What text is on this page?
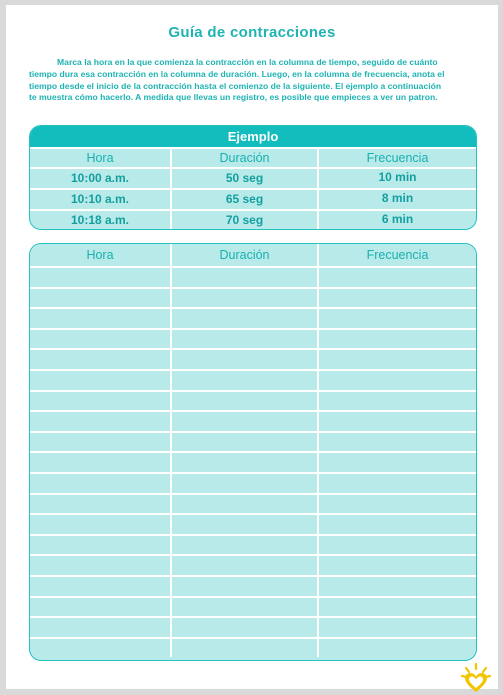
Guía de contracciones
Marca la hora en la que comienza la contracción en la columna de tiempo, seguido de cuánto tiempo dura esa contracción en la columna de duración. Luego, en la columna de frecuencia, anota el tiempo desde el inicio de la contracción hasta el comienzo de la siguiente. El ejemplo a continuación te muestra cómo hacerlo. A medida que llevas un registro, es posible que empieces a ver un patron.
Ejemplo
Hora	Duración	Frecuencia
10:00 a.m.	50 seg	10 min
10:10 a.m.	65 seg	8 min
10:18 a.m.	70 seg	6 min
Hora	Duración	Frecuencia
